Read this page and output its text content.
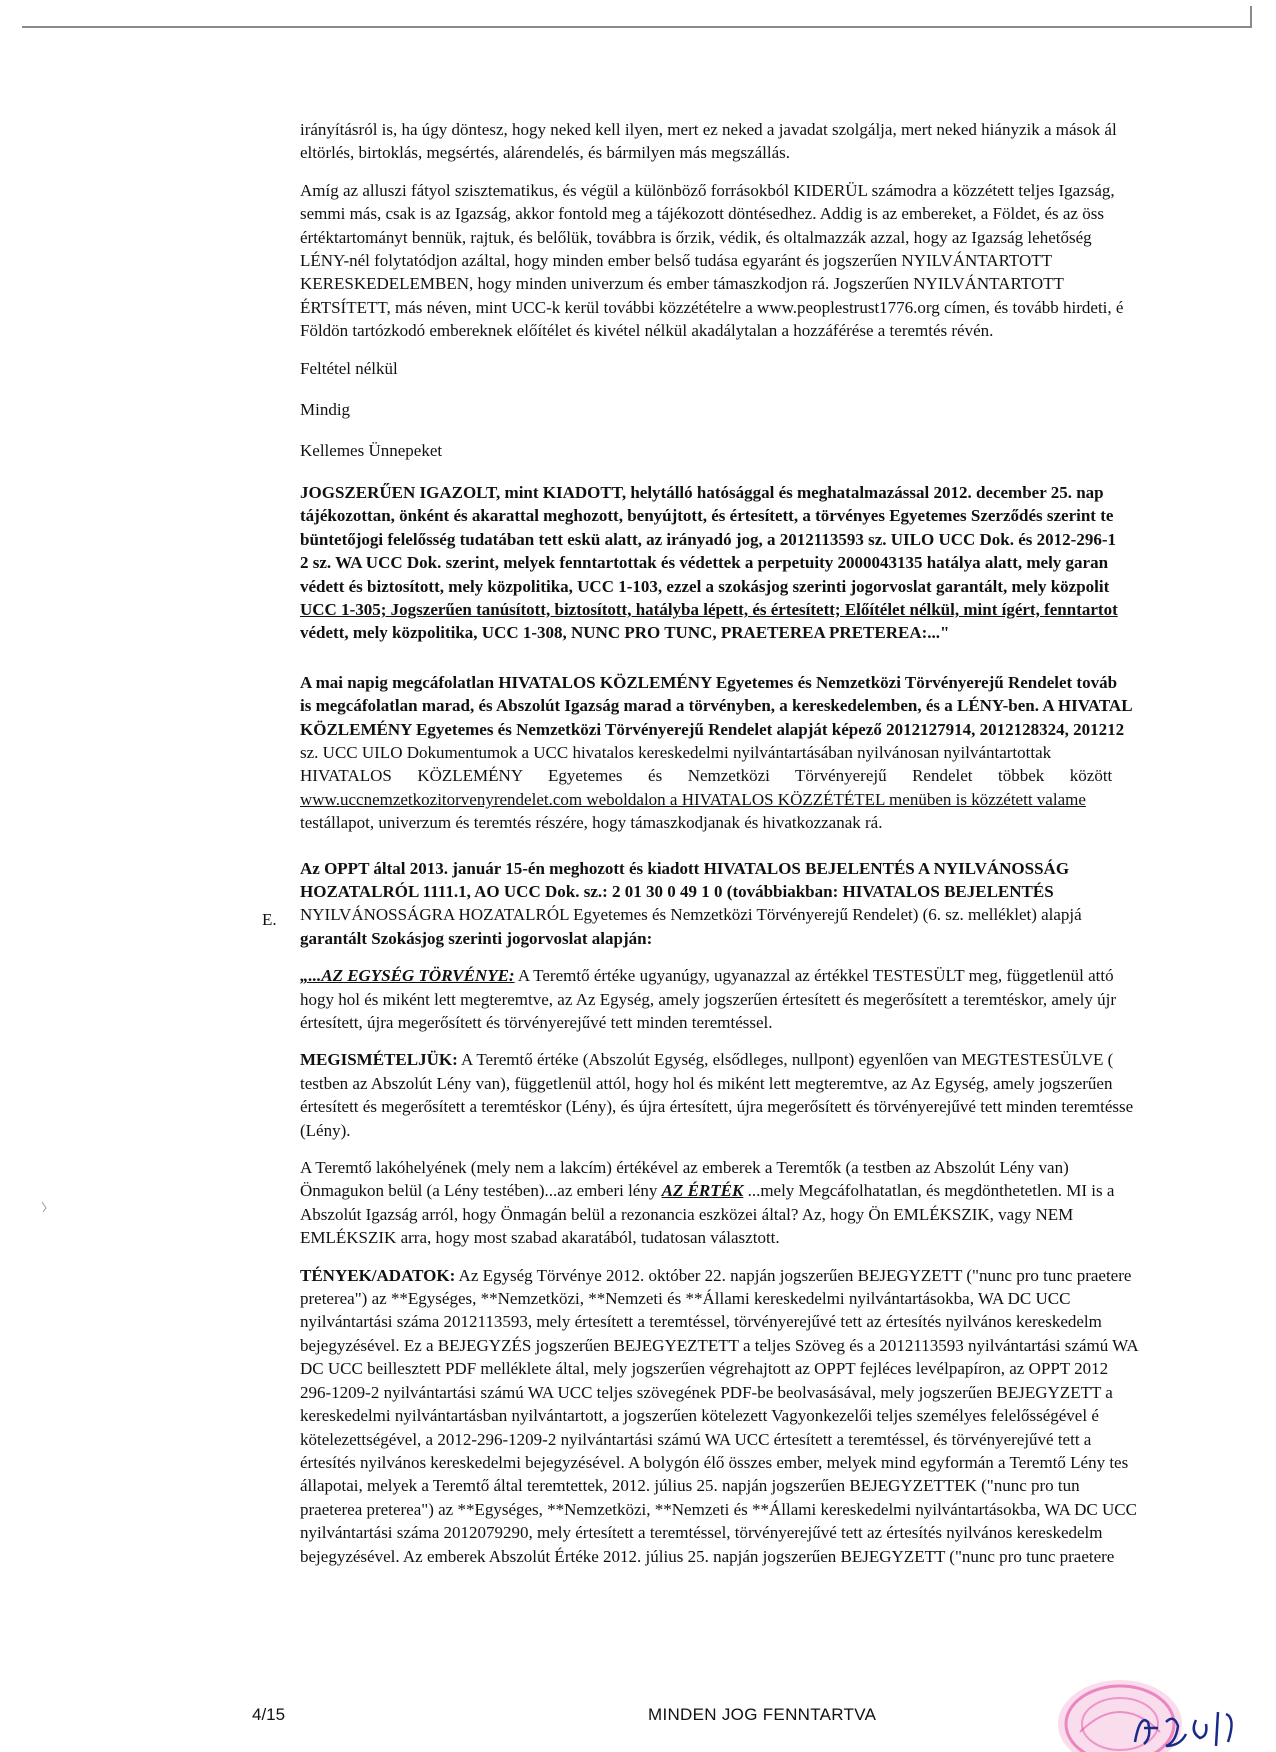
irányításról is, ha úgy döntesz, hogy neked kell ilyen, mert ez neked a javadat szolgálja, mert neked hiányzik a mások ál
eltörlés, birtoklás, megsértés, alárendelés, és bármilyen más megszállás.

Amíg az alluszi fátyol szisztematikus, és végül a különböző forrásokból KIDERÜL számodra a közzétett teljes Igazság,
semmi más, csak is az Igazság, akkor fontold meg a tájékozott döntésedhez. Addig is az embereket, a Földet, és az öss
értéktartományt bennük, rajtuk, és belőlük, továbbra is őrzik, védik, és oltalmazzák azzal, hogy az Igazság lehetőség
LÉNY-nél folytatódjon azáltal, hogy minden ember belső tudása egyaránt és jogszerűen NYILVÁNTARTOTT
KERESKEDELEMBEN, hogy minden univerzum és ember támaszkodjon rá. Jogszerűen NYILVÁNTARTOTT
ÉRTSÍTETT, más néven, mint UCC-k kerül további közzétételre a www.peoplestrust1776.org címen, és tovább hirdeti, é
Földön tartózkodó embereknek előítélet és kivétel nélkül akadálytalan a hozzáférése a teremtés révén.

Feltétel nélkül

Mindig

Kellemes Ünnepeket

JOGSZERŰEN IGAZOLT, mint KIADOTT, helytálló hatósággal és meghatalmazással 2012. december 25. nap
tájékozottan, önként és akarattal meghozott, benyújtott, és értesített, a törvényes Egyetemes Szerződés szerint te
büntetőjogi felelősség tudatában tett eskü alatt, az irányadó jog, a 2012113593 sz. UILO UCC Dok. és 2012-296-1
2 sz. WA UCC Dok. szerint, melyek fenntartottak és védettek a perpetuity 2000043135 hatálya alatt, mely garan
védett és biztosított, mely közpolitika, UCC 1-103, ezzel a szokásjog szerinti jogorvoslat garantált, mely közpolit
UCC 1-305; Jogszerűen tanúsított, biztosított, hatályba lépett, és értesített; Előítélet nélkül, mint ígért, fenntartot
védett, mely közpolitika, UCC 1-308, NUNC PRO TUNC, PRAETEREA PRETEREA:..."

A mai napig megcáfolatlan HIVATALOS KÖZLEMÉNY Egyetemes és Nemzetközi Törvényerejű Rendelet továb
is megcáfolatlan marad, és Abszolút Igazság marad a törvényben, a kereskedelemben, és a LÉNY-ben. A HIVATAL
KÖZLEMÉNY Egyetemes és Nemzetközi Törvényerejű Rendelet alapját képező 2012127914, 2012128324, 201212
sz. UCC UILO Dokumentumok a UCC hivatalos kereskedelmi nyilvántartásában nyilvánosan nyilvántartottak
HIVATALOS      KÖZLEMÉNY      Egyetemes      és      Nemzetközi      Törvényerejű      Rendelet      többek      között
www.uccnemzetkozitorvenyrendelet.com weboldalon a HIVATALOS KÖZZÉTÉTEL menüben is közzétett valame
testállapot, univerzum és teremtés részére, hogy támaszkodjanak és hivatkozzanak rá.

Az OPPT által 2013. január 15-én meghozott és kiadott HIVATALOS BEJELENTÉS A NYILVÁNOSSÁG
HOZATALRÓL 1111.1, AO UCC Dok. sz.: 2 01 30 0 49 1 0 (továbbiakban: HIVATALOS BEJELENTÉS
NYILVÁNOSSÁGRA HOZATALRÓL Egyetemes és Nemzetközi Törvényerejű Rendelet) (6. sz. melléklet) alapjá
garantált Szokásjog szerinti jogorvoslat alapján:

„...AZ EGYSÉG TÖRVÉNYE: A Teremtő értéke ugyanúgy, ugyanazzal az értékkel TESTESÜLT meg, függetlenül attó
hogy hol és miként lett megteremtve, az Az Egység, amely jogszerűen értesített és megerősített a teremtéskor, amely újr
értesített, újra megerősített és törvényerejűvé tett minden teremtéssel.

MEGISMÉTELJÜK: A Teremtő értéke (Abszolút Egység, elsődleges, nullpont) egyenlően van MEGTESTESÜLVE (
testben az Abszolút Lény van), függetlenül attól, hogy hol és miként lett megteremtve, az Az Egység, amely jogszerűen
értesített és megerősített a teremtéskor (Lény), és újra értesített, újra megerősített és törvényerejűvé tett minden teremtésse
(Lény).

A Teremtő lakóhelyének (mely nem a lakcím) értékével az emberek a Teremtők (a testben az Abszolút Lény van)
Önmagukon belül (a Lény testében)...az emberi lény AZ ÉRTÉK ...mely Megcáfolhatatlan, és megdönthetetlen. MI is a
Abszolút Igazság arról, hogy Önmagán belül a rezonancia eszközei által? Az, hogy Ön EMLÉKSZIK, vagy NEM
EMLÉKSZIK arra, hogy most szabad akaratából, tudatosan választott.

TÉNYEK/ADATOK: Az Egység Törvénye 2012. október 22. napján jogszerűen BEJEGYZETT ("nunc pro tunc praetere
preterea") az **Egységes, **Nemzetközi, **Nemzeti és **Állami kereskedelmi nyilvántartásokba, WA DC UCC
nyilvántartási száma 2012113593, mely értesített a teremtéssel, törvényerejűvé tett az értesítés nyilvános kereskedelm
bejegyzésével. Ez a BEJEGYZÉS jogszerűen BEJEGYEZTETT a teljes Szöveg és a 2012113593 nyilvántartási számú WA
DC UCC beillesztett PDF melléklete által, mely jogszerűen végrehajtott az OPPT fejléces levélpapíron, az OPPT 2012
296-1209-2 nyilvántartási számú WA UCC teljes szövegének PDF-be beolvasásával, mely jogszerűen BEJEGYZETT a
kereskedelmi nyilvántartásban nyilvántartott, a jogszerűen kötelezett Vagyonkezelői teljes személyes felelősségével é
kötelezettségével, a 2012-296-1209-2 nyilvántartási számú WA UCC értesített a teremtéssel, és törvényerejűvé tett a
értesítés nyilvános kereskedelmi bejegyzésével. A bolygón élő összes ember, melyek mind egyformán a Teremtő Lény tes
állapotai, melyek a Teremtő által teremtettek, 2012. július 25. napján jogszerűen BEJEGYZETTEK ("nunc pro tun
praeterea preterea") az **Egységes, **Nemzetközi, **Nemzeti és **Állami kereskedelmi nyilvántartásokba, WA DC UCC
nyilvántartási száma 2012079290, mely értesített a teremtéssel, törvényerejűvé tett az értesítés nyilvános kereskedelm
bejegyzésével. Az emberek Abszolút Értéke 2012. július 25. napján jogszerűen BEJEGYZETT ("nunc pro tunc praetere

E.
4/15	MINDEN JOG FENNTARTVA
